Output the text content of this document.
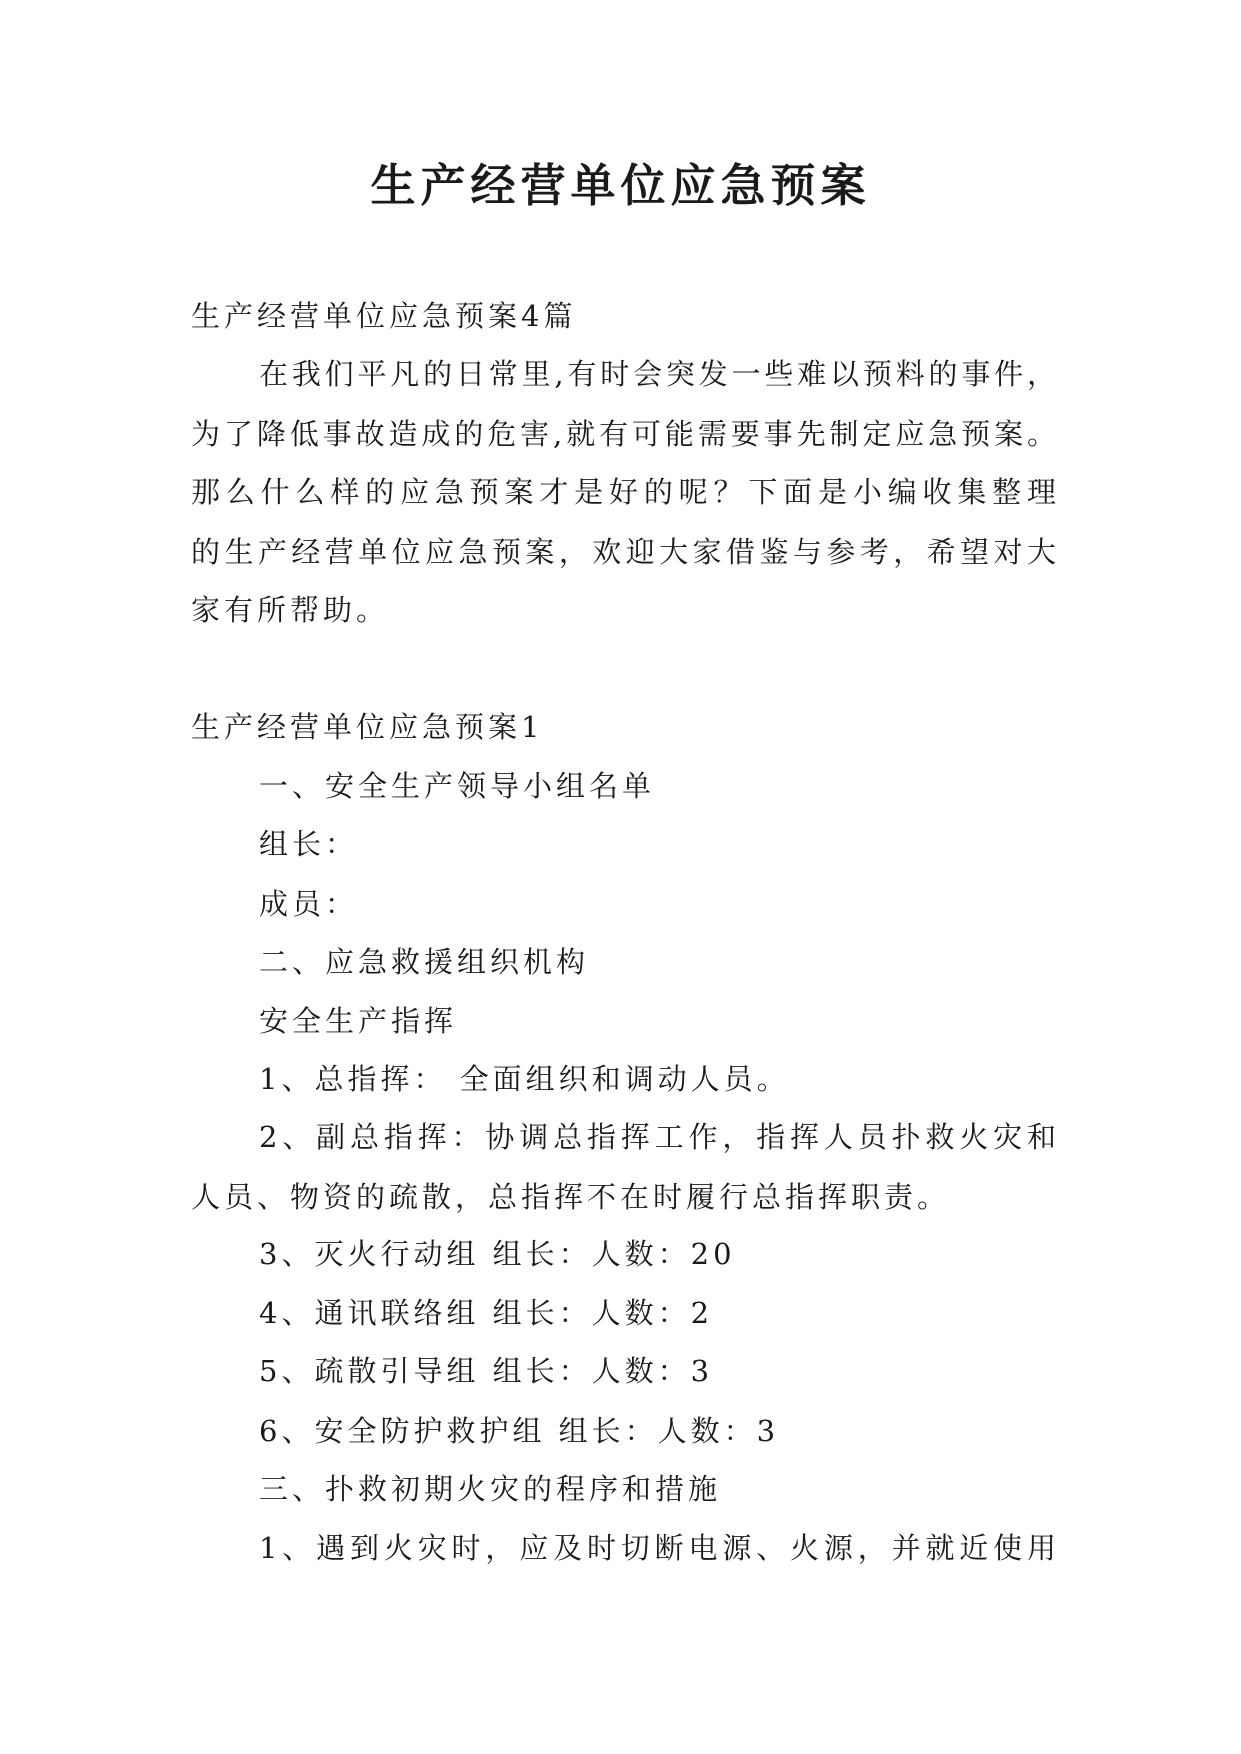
生产经营单位应急预案
生产经营单位应急预案4篇
在我们平凡的日常里,有时会突发一些难以预料的事件，
为了降低事故造成的危害,就有可能需要事先制定应急预案。
那么什么样的应急预案才是好的呢？下面是小编收集整理
的生产经营单位应急预案，欢迎大家借鉴与参考，希望对大
家有所帮助。
生产经营单位应急预案1
一、安全生产领导小组名单
组长：
成员：
二、应急救援组织机构
安全生产指挥
1、总指挥： 全面组织和调动人员。
2、副总指挥：协调总指挥工作，指挥人员扑救火灾和
人员、物资的疏散，总指挥不在时履行总指挥职责。
3、灭火行动组 组长：人数：20
4、通讯联络组 组长：人数：2
5、疏散引导组 组长：人数：3
6、安全防护救护组 组长：人数：3
三、扑救初期火灾的程序和措施
1、遇到火灾时，应及时切断电源、火源，并就近使用
